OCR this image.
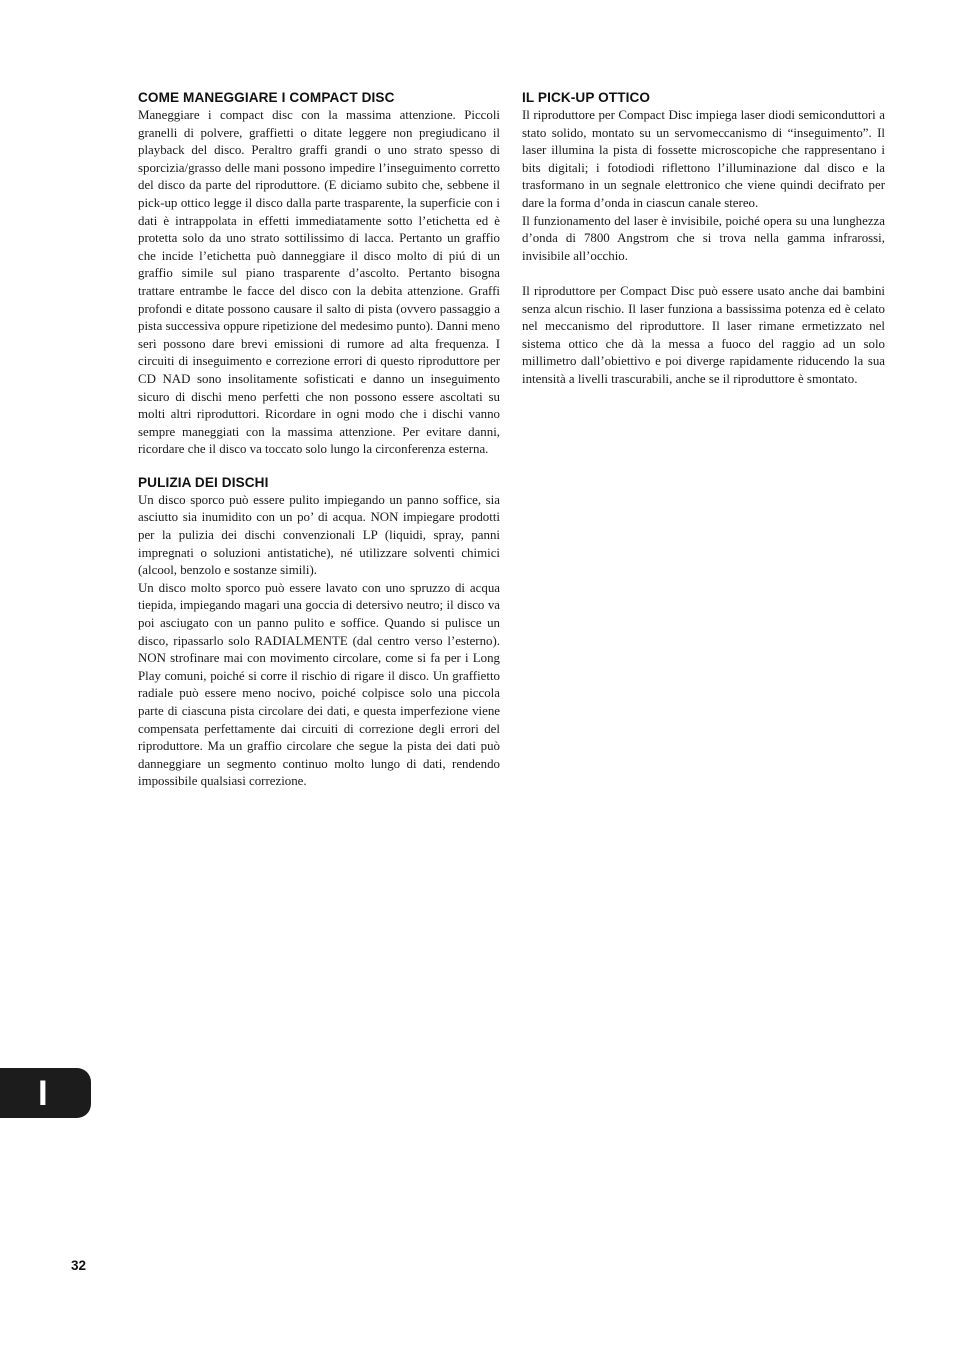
COME MANEGGIARE I COMPACT DISC

Maneggiare i compact disc con la massima attenzione. Piccoli granelli di polvere, graffietti o ditate leggere non pregiudicano il playback del disco. Peraltro graffi grandi o uno strato spesso di sporcizia/grasso delle mani possono impedire l’inseguimento corretto del disco da parte del riproduttore. (E diciamo subito che, sebbene il pick-up ottico legge il disco dalla parte trasparente, la superficie con i dati è intrappolata in effetti immediatamente sotto l’etichetta ed è protetta solo da uno strato sottilissimo di lacca. Pertanto un graffio che incide l’etichetta può danneggiare il disco molto di piú di un graffio simile sul piano trasparente d’ascolto. Pertanto bisogna trattare entrambe le facce del disco con la debita attenzione. Graffi profondi e ditate possono causare il salto di pista (ovvero passaggio a pista successiva oppure ripetizione del medesimo punto). Danni meno seri possono dare brevi emissioni di rumore ad alta frequenza. I circuiti di inseguimento e correzione errori di questo riproduttore per CD NAD sono insolitamente sofisticati e danno un inseguimento sicuro di dischi meno perfetti che non possono essere ascoltati su molti altri riproduttori. Ricordare in ogni modo che i dischi vanno sempre maneggiati con la massima attenzione. Per evitare danni, ricordare che il disco va toccato solo lungo la circonferenza esterna.

PULIZIA DEI DISCHI

Un disco sporco può essere pulito impiegando un panno soffice, sia asciutto sia inumidito con un po’ di acqua. NON impiegare prodotti per la pulizia dei dischi convenzionali LP (liquidi, spray, panni impregnati o soluzioni antistatiche), né utilizzare solventi chimici (alcool, benzolo e sostanze simili).

Un disco molto sporco può essere lavato con uno spruzzo di acqua tiepida, impiegando magari una goccia di detersivo neutro; il disco va poi asciugato con un panno pulito e soffice. Quando si pulisce un disco, ripassarlo solo RADIALMENTE (dal centro verso l’esterno). NON strofinare mai con movimento circolare, come si fa per i Long Play comuni, poiché si corre il rischio di rigare il disco. Un graffietto radiale può essere meno nocivo, poiché colpisce solo una piccola parte di ciascuna pista circolare dei dati, e questa imperfezione viene compensata perfettamente dai circuiti di correzione degli errori del riproduttore. Ma un graffio circolare che segue la pista dei dati può danneggiare un segmento continuo molto lungo di dati, rendendo impossibile qualsiasi correzione.

IL PICK-UP OTTICO

Il riproduttore per Compact Disc impiega laser diodi semiconduttori a stato solido, montato su un servomeccanismo di “inseguimento”. Il laser illumina la pista di fossette microscopiche che rappresentano i bits digitali; i fotodiodi riflettono l’illuminazione dal disco e la trasformano in un segnale elettronico che viene quindi decifrato per dare la forma d’onda in ciascun canale stereo.

Il funzionamento del laser è invisibile, poiché opera su una lunghezza d’onda di 7800 Angstrom che si trova nella gamma infrarossi, invisibile all’occhio.

Il riproduttore per Compact Disc può essere usato anche dai bambini senza alcun rischio. Il laser funziona a bassissima potenza ed è celato nel meccanismo del riproduttore. Il laser rimane ermetizzato nel sistema ottico che dà la messa a fuoco del raggio ad un solo millimetro dall’obiettivo e poi diverge rapidamente riducendo la sua intensità a livelli trascurabili, anche se il riproduttore è smontato.

I
32
